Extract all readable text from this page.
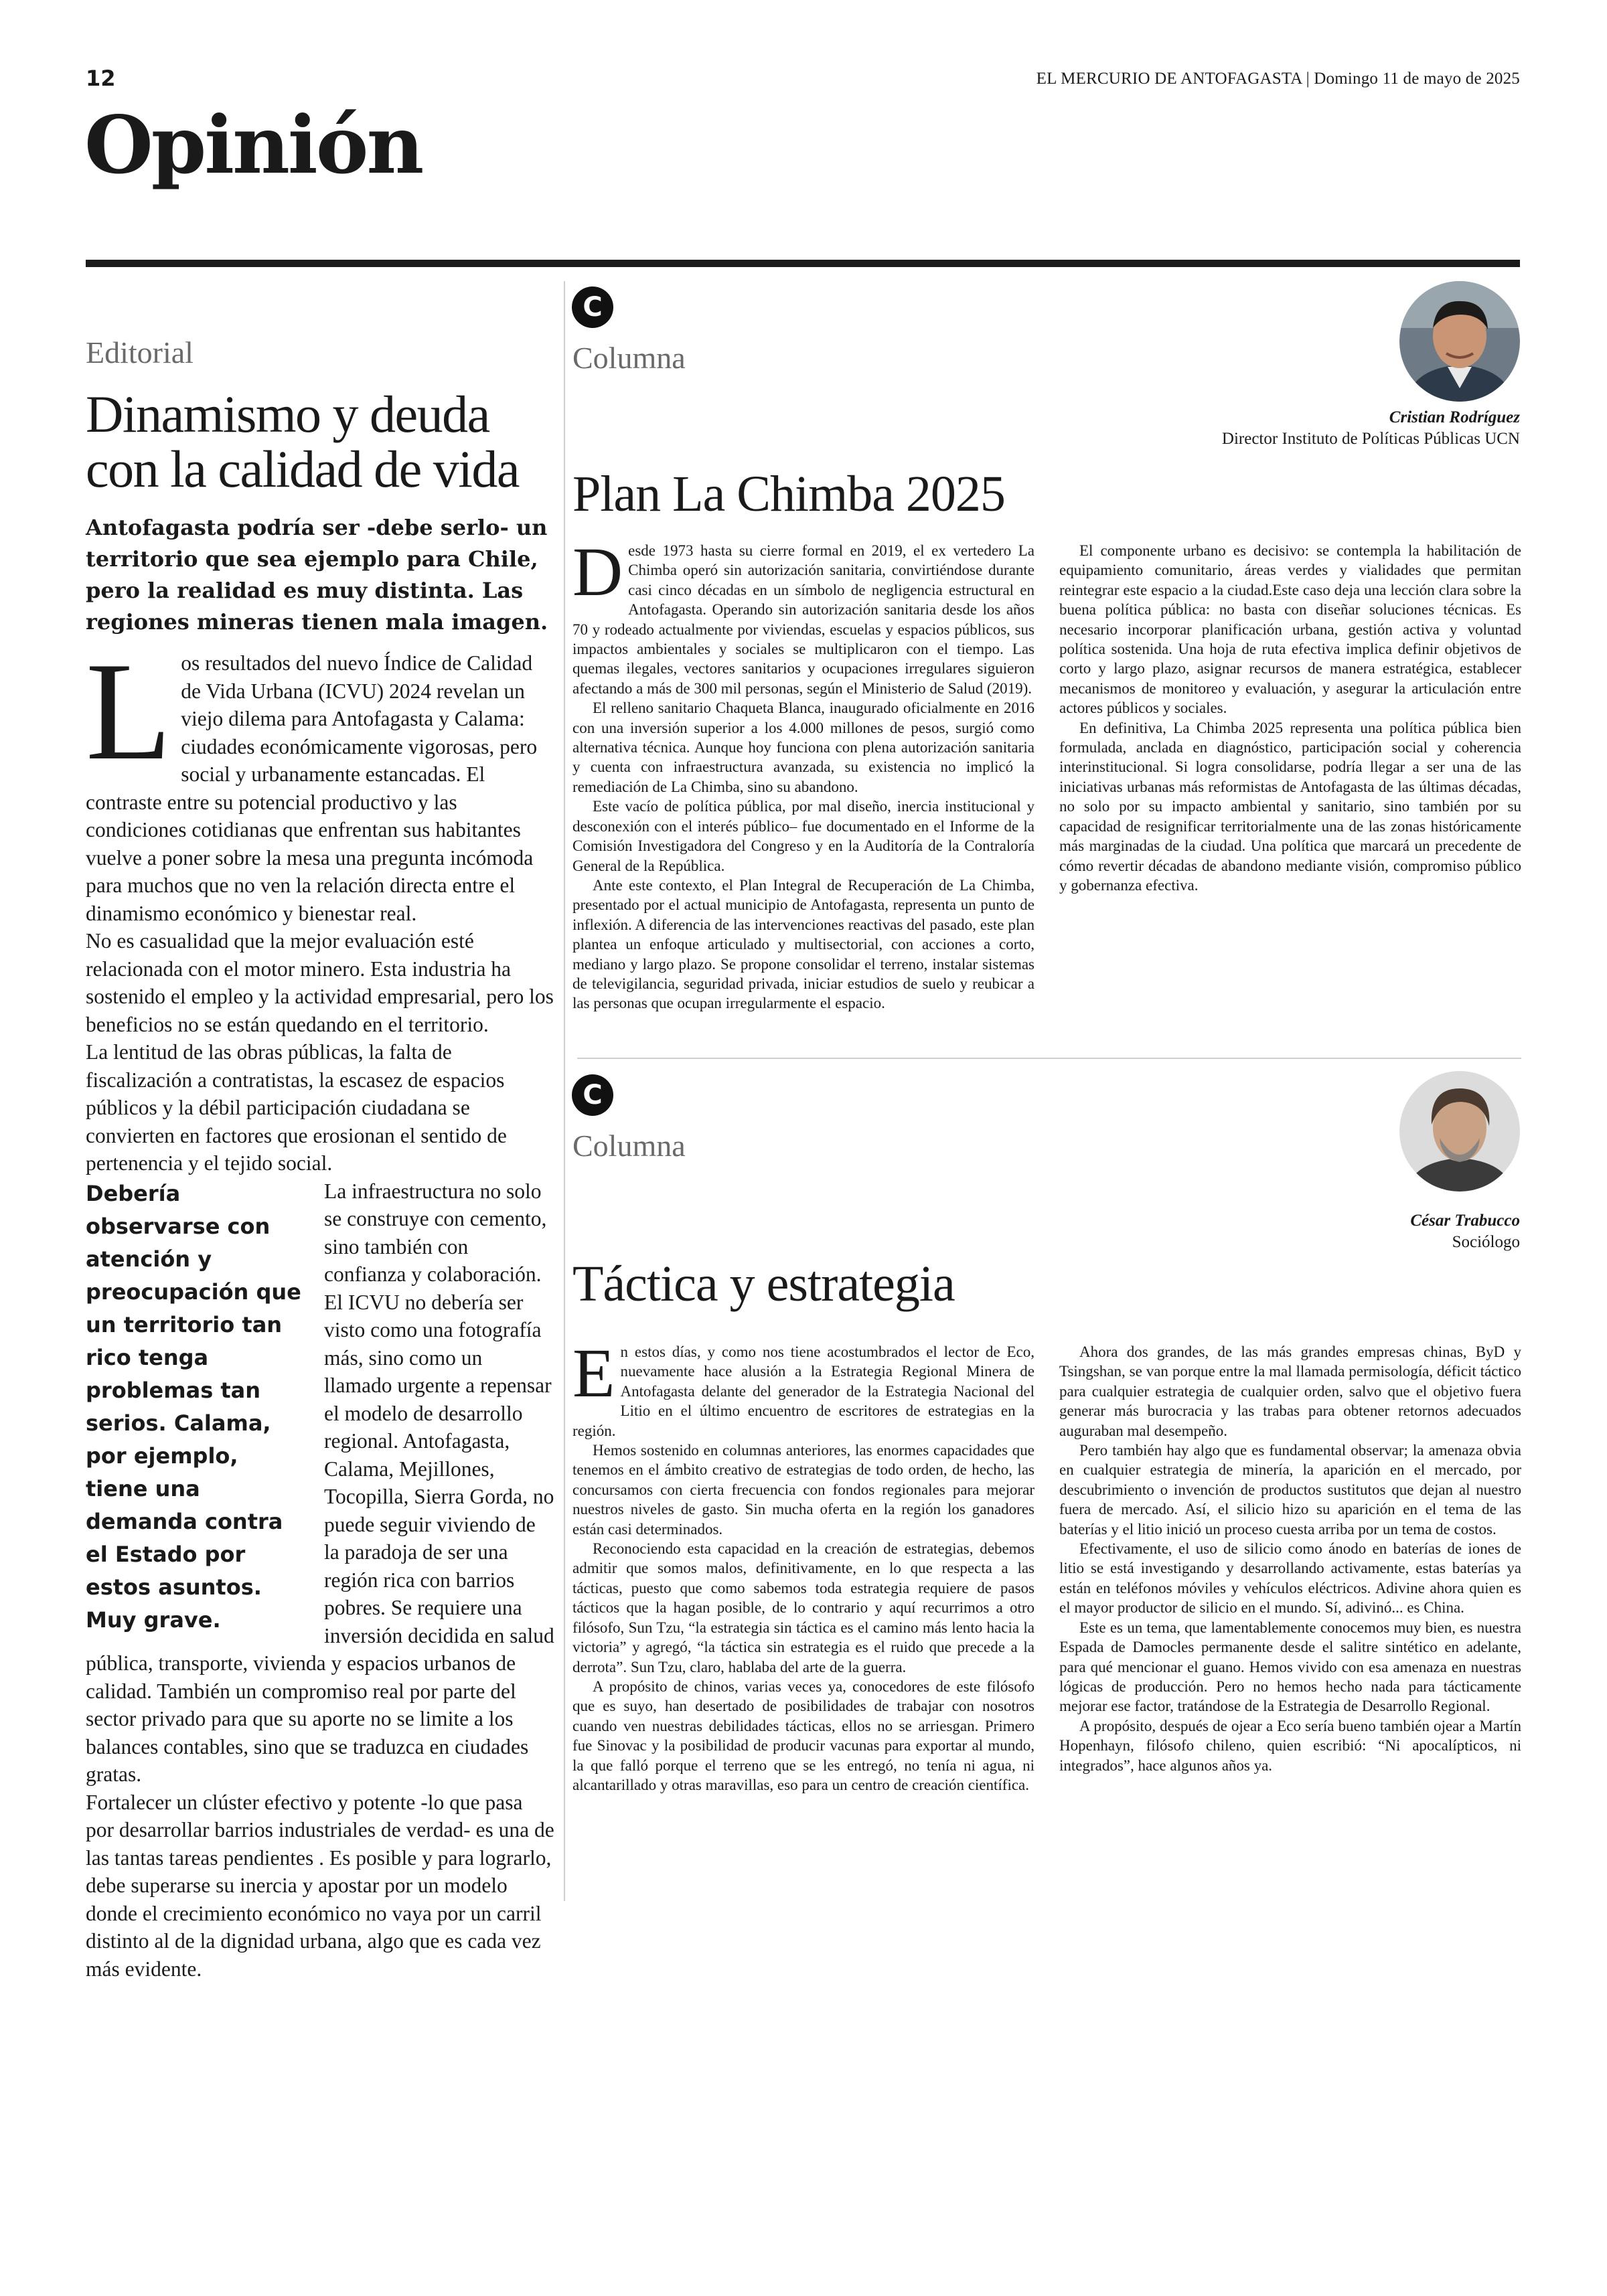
12	EL MERCURIO DE ANTOFAGASTA | Domingo 11 de mayo de 2025
Opinión
Editorial
Dinamismo y deuda con la calidad de vida
Antofagasta podría ser -debe serlo- un territorio que sea ejemplo para Chile, pero la realidad es muy distinta. Las regiones mineras tienen mala imagen.

Los resultados del nuevo Índice de Calidad de Vida Urbana (ICVU) 2024 revelan un viejo dilema para Antofagasta y Calama: ciudades económicamente vigorosas, pero social y urbanamente estancadas. El contraste entre su potencial productivo y las condiciones cotidianas que enfrentan sus habitantes vuelve a poner sobre la mesa una pregunta incómoda para muchos que no ven la relación directa entre el dinamismo económico y bienestar real.

No es casualidad que la mejor evaluación esté relacionada con el motor minero. Esta industria ha sostenido el empleo y la actividad empresarial, pero los beneficios no se están quedando en el territorio.

La lentitud de las obras públicas, la falta de fiscalización a contratistas, la escasez de espacios públicos y la débil participación ciudadana se convierten en factores que erosionan el sentido de pertenencia y el tejido social.

Debería observarse con atención y preocupación que un territorio tan rico tenga problemas tan serios. Calama, por ejemplo, tiene una demanda contra el Estado por estos asuntos. Muy grave.

La infraestructura no solo se construye con cemento, sino también con confianza y colaboración.

El ICVU no debería ser visto como una fotografía más, sino como un llamado urgente a repensar el modelo de desarrollo regional. Antofagasta, Calama, Mejillones, Tocopilla, Sierra Gorda, no puede seguir viviendo de la paradoja de ser una región rica con barrios pobres. Se requiere una inversión decidida en salud pública, transporte, vivienda y espacios urbanos de calidad. También un compromiso real por parte del sector privado para que su aporte no se limite a los balances contables, sino que se traduzca en ciudades gratas.

Fortalecer un clúster efectivo y potente -lo que pasa por desarrollar barrios industriales de verdad- es una de las tantas tareas pendientes . Es posible y para lograrlo, debe superarse su inercia y apostar por un modelo donde el crecimiento económico no vaya por un carril distinto al de la dignidad urbana, algo que es cada vez más evidente.

C
Columna
Cristian Rodríguez
Director Instituto de Políticas Públicas UCN
Plan La Chimba 2025

Desde 1973 hasta su cierre formal en 2019, el ex vertedero La Chimba operó sin autorización sanitaria, convirtiéndose durante casi cinco décadas en un símbolo de negligencia estructural en Antofagasta. Operando sin autorización sanitaria desde los años 70 y rodeado actualmente por viviendas, escuelas y espacios públicos, sus impactos ambientales y sociales se multiplicaron con el tiempo. Las quemas ilegales, vectores sanitarios y ocupaciones irregulares siguieron afectando a más de 300 mil personas, según el Ministerio de Salud (2019).

El relleno sanitario Chaqueta Blanca, inaugurado oficialmente en 2016 con una inversión superior a los 4.000 millones de pesos, surgió como alternativa técnica. Aunque hoy funciona con plena autorización sanitaria y cuenta con infraestructura avanzada, su existencia no implicó la remediación de La Chimba, sino su abandono.

Este vacío de política pública, por mal diseño, inercia institucional y desconexión con el interés público– fue documentado en el Informe de la Comisión Investigadora del Congreso y en la Auditoría de la Contraloría General de la República.

Ante este contexto, el Plan Integral de Recuperación de La Chimba, presentado por el actual municipio de Antofagasta, representa un punto de inflexión. A diferencia de las intervenciones reactivas del pasado, este plan plantea un enfoque articulado y multisectorial, con acciones a corto, mediano y largo plazo. Se propone consolidar el terreno, instalar sistemas de televigilancia, seguridad privada, iniciar estudios de suelo y reubicar a las personas que ocupan irregularmente el espacio.

El componente urbano es decisivo: se contempla la habilitación de equipamiento comunitario, áreas verdes y vialidades que permitan reintegrar este espacio a la ciudad.Este caso deja una lección clara sobre la buena política pública: no basta con diseñar soluciones técnicas. Es necesario incorporar planificación urbana, gestión activa y voluntad política sostenida. Una hoja de ruta efectiva implica definir objetivos de corto y largo plazo, asignar recursos de manera estratégica, establecer mecanismos de monitoreo y evaluación, y asegurar la articulación entre actores públicos y sociales.

En definitiva, La Chimba 2025 representa una política pública bien formulada, anclada en diagnóstico, participación social y coherencia interinstitucional. Si logra consolidarse, podría llegar a ser una de las iniciativas urbanas más reformistas de Antofagasta de las últimas décadas, no solo por su impacto ambiental y sanitario, sino también por su capacidad de resignificar territorialmente una de las zonas históricamente más marginadas de la ciudad. Una política que marcará un precedente de cómo revertir décadas de abandono mediante visión, compromiso público y gobernanza efectiva.

C
Columna
César Trabucco
Sociólogo
Táctica y estrategia

En estos días, y como nos tiene acostumbrados el lector de Eco, nuevamente hace alusión a la Estrategia Regional Minera de Antofagasta delante del generador de la Estrategia Nacional del Litio en el último encuentro de escritores de estrategias en la región.

Hemos sostenido en columnas anteriores, las enormes capacidades que tenemos en el ámbito creativo de estrategias de todo orden, de hecho, las concursamos con cierta frecuencia con fondos regionales para mejorar nuestros niveles de gasto. Sin mucha oferta en la región los ganadores están casi determinados.

Reconociendo esta capacidad en la creación de estrategias, debemos admitir que somos malos, definitivamente, en lo que respecta a las tácticas, puesto que como sabemos toda estrategia requiere de pasos tácticos que la hagan posible, de lo contrario y aquí recurrimos a otro filósofo, Sun Tzu, “la estrategia sin táctica es el camino más lento hacia la victoria” y agregó, “la táctica sin estrategia es el ruido que precede a la derrota”. Sun Tzu, claro, hablaba del arte de la guerra.

A propósito de chinos, varias veces ya, conocedores de este filósofo que es suyo, han desertado de posibilidades de trabajar con nosotros cuando ven nuestras debilidades tácticas, ellos no se arriesgan. Primero fue Sinovac y la posibilidad de producir vacunas para exportar al mundo, la que falló porque el terreno que se les entregó, no tenía ni agua, ni alcantarillado y otras maravillas, eso para un centro de creación científica.

Ahora dos grandes, de las más grandes empresas chinas, ByD y Tsingshan, se van porque entre la mal llamada permisología, déficit táctico para cualquier estrategia de cualquier orden, salvo que el objetivo fuera generar más burocracia y las trabas para obtener retornos adecuados auguraban mal desempeño.

Pero también hay algo que es fundamental observar; la amenaza obvia en cualquier estrategia de minería, la aparición en el mercado, por descubrimiento o invención de productos sustitutos que dejan al nuestro fuera de mercado. Así, el silicio hizo su aparición en el tema de las baterías y el litio inició un proceso cuesta arriba por un tema de costos.

Efectivamente, el uso de silicio como ánodo en baterías de iones de litio se está investigando y desarrollando activamente, estas baterías ya están en teléfonos móviles y vehículos eléctricos. Adivine ahora quien es el mayor productor de silicio en el mundo. Sí, adivinó... es China.

Este es un tema, que lamentablemente conocemos muy bien, es nuestra Espada de Damocles permanente desde el salitre sintético en adelante, para qué mencionar el guano. Hemos vivido con esa amenaza en nuestras lógicas de producción. Pero no hemos hecho nada para tácticamente mejorar ese factor, tratándose de la Estrategia de Desarrollo Regional.

A propósito, después de ojear a Eco sería bueno también ojear a Martín Hopenhayn, filósofo chileno, quien escribió: “Ni apocalípticos, ni integrados”, hace algunos años ya.
